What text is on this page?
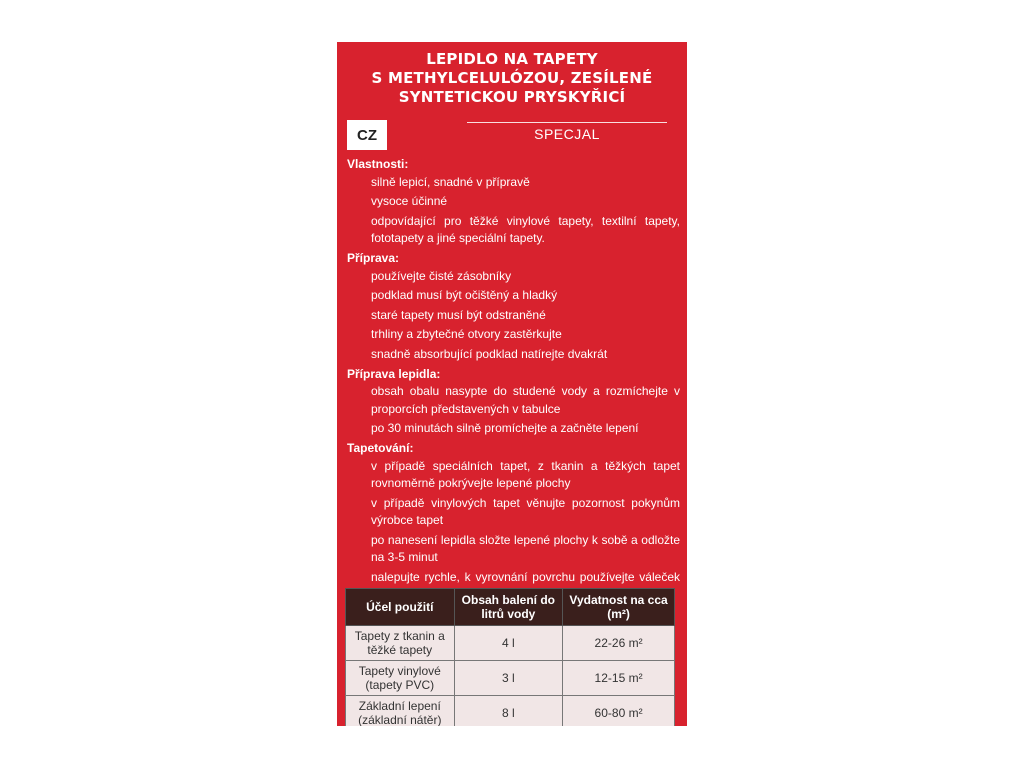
LEPIDLO NA TAPETY
S METHYLCELULÓZOU, ZESÍLENÉ
SYNTETICKOU PRYSKYŘICÍ
CZ	SPECJAL
Vlastnosti:
silně lepicí, snadné v přípravě
vysoce účinné
odpovídající pro těžké vinylové tapety, textilní tapety, fototapety a jiné speciální tapety.
Příprava:
používejte čisté zásobníky
podklad musí být očištěný a hladký
staré tapety musí být odstraněné
trhliny a zbytečné otvory zastěrkujte
snadně absorbující podklad natírejte dvakrát
Příprava lepidla:
obsah obalu nasypte do studené vody a rozmíchejte v proporcích představených v tabulce
po 30 minutách silně promíchejte a začněte lepení
Tapetování:
v případě speciálních tapet, z tkanin a těžkých tapet rovnoměrně pokrývejte lepené plochy
v případě vinylových tapet věnujte pozornost pokynům výrobce tapet
po nanesení lepidla složte lepené plochy k sobě a odložte na 3-5 minut
nalepujte rychle, k vyrovnání povrchu používejte váleček
Účel použití	Obsah balení do litrů vody	Vydatnost na cca (m²)
Tapety z tkanin a těžké tapety	4 l	22-26 m²
Tapety vinylové (tapety PVC)	3 l	12-15 m²
Základní lepení (základní nátěr)	8 l	60-80 m²
